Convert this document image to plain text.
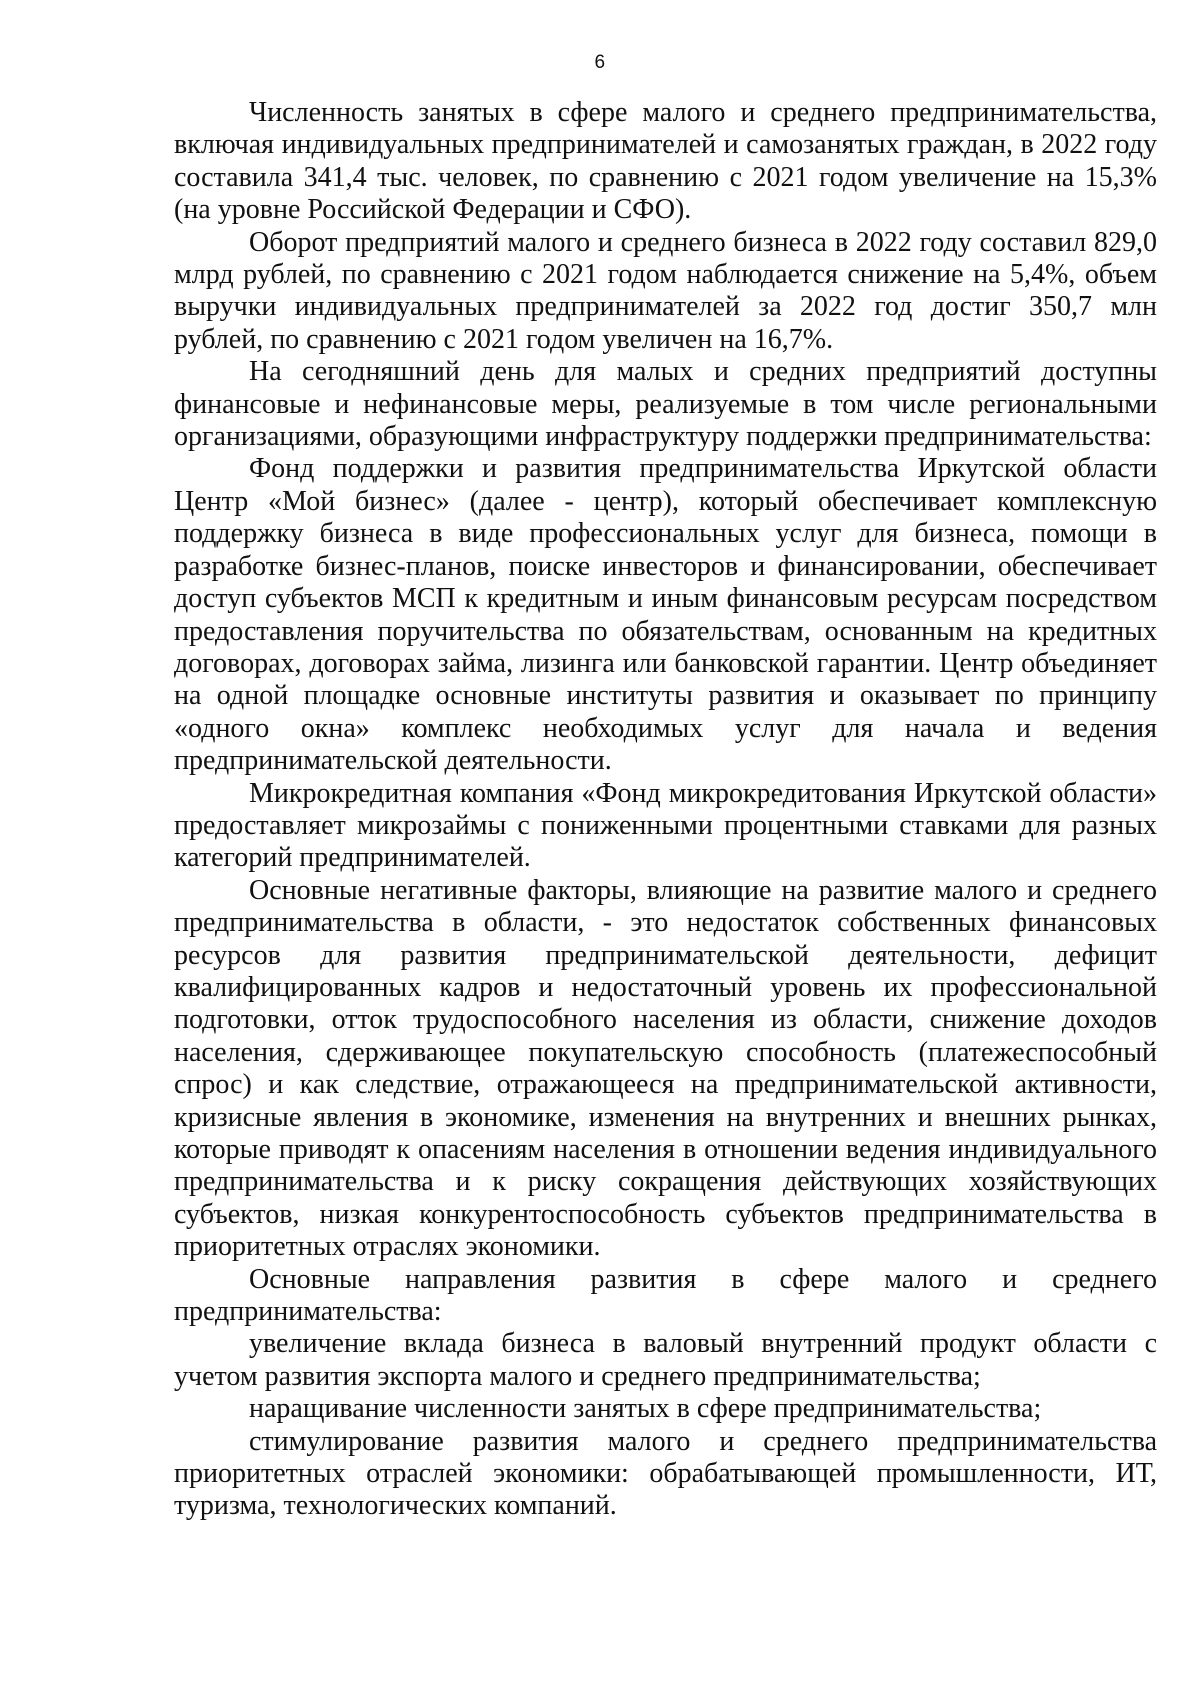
6

Численность занятых в сфере малого и среднего предпринимательства, включая индивидуальных предпринимателей и самозанятых граждан, в 2022 году составила 341,4 тыс. человек, по сравнению с 2021 годом увеличение на 15,3% (на уровне Российской Федерации и СФО).

Оборот предприятий малого и среднего бизнеса в 2022 году составил 829,0 млрд рублей, по сравнению с 2021 годом наблюдается снижение на 5,4%, объем выручки индивидуальных предпринимателей за 2022 год достиг 350,7 млн рублей, по сравнению с 2021 годом увеличен на 16,7%.

На сегодняшний день для малых и средних предприятий доступны финансовые и нефинансовые меры, реализуемые в том числе региональными организациями, образующими инфраструктуру поддержки предпринимательства:

Фонд поддержки и развития предпринимательства Иркутской области Центр «Мой бизнес» (далее - центр), который обеспечивает комплексную поддержку бизнеса в виде профессиональных услуг для бизнеса, помощи в разработке бизнес-планов, поиске инвесторов и финансировании, обеспечивает доступ субъектов МСП к кредитным и иным финансовым ресурсам посредством предоставления поручительства по обязательствам, основанным на кредитных договорах, договорах займа, лизинга или банковской гарантии. Центр объединяет на одной площадке основные институты развития и оказывает по принципу «одного окна» комплекс необходимых услуг для начала и ведения предпринимательской деятельности.

Микрокредитная компания «Фонд микрокредитования Иркутской области» предоставляет микрозаймы с пониженными процентными ставками для разных категорий предпринимателей.

Основные негативные факторы, влияющие на развитие малого и среднего предпринимательства в области, - это недостаток собственных финансовых ресурсов для развития предпринимательской деятельности, дефицит квалифицированных кадров и недостаточный уровень их профессиональной подготовки, отток трудоспособного населения из области, снижение доходов населения, сдерживающее покупательскую способность (платежеспособный спрос) и как следствие, отражающееся на предпринимательской активности, кризисные явления в экономике, изменения на внутренних и внешних рынках, которые приводят к опасениям населения в отношении ведения индивидуального предпринимательства и к риску сокращения действующих хозяйствующих субъектов, низкая конкурентоспособность субъектов предпринимательства в приоритетных отраслях экономики.

Основные направления развития в сфере малого и среднего предпринимательства:

увеличение вклада бизнеса в валовый внутренний продукт области с учетом развития экспорта малого и среднего предпринимательства;

наращивание численности занятых в сфере предпринимательства;

стимулирование развития малого и среднего предпринимательства приоритетных отраслей экономики: обрабатывающей промышленности, ИТ, туризма, технологических компаний.
